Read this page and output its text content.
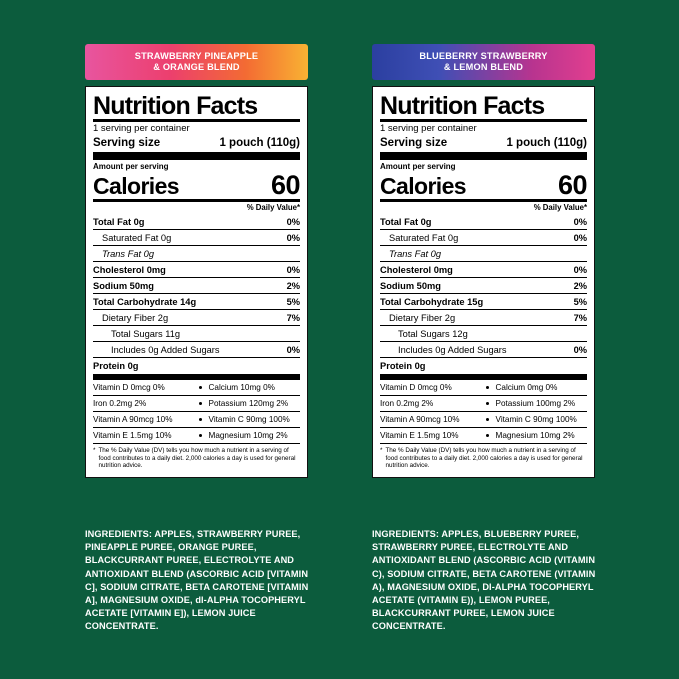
STRAWBERRY PINEAPPLE
& ORANGE BLEND
Nutrition Facts
1 serving per container
Serving size	1 pouch (110g)
Amount per serving
Calories	60
% Daily Value*
Total Fat 0g	0%
Saturated Fat 0g	0%
Trans Fat 0g
Cholesterol 0mg	0%
Sodium 50mg	2%
Total Carbohydrate 14g	5%
Dietary Fiber 2g	7%
Total Sugars 11g
Includes 0g Added Sugars	0%
Protein 0g
Vitamin D 0mcg 0%	Calcium 10mg 0%
Iron 0.2mg 2%	Potassium 120mg 2%
Vitamin A 90mcg 10%	Vitamin C 90mg 100%
Vitamin E 1.5mg 10%	Magnesium 10mg 2%
* The % Daily Value (DV) tells you how much a nutrient in a serving of food contributes to a daily diet. 2,000 calories a day is used for general nutrition advice.
INGREDIENTS: APPLES, STRAWBERRY PUREE, PINEAPPLE PUREE, ORANGE PUREE, BLACKCURRANT PUREE, ELECTROLYTE AND ANTIOXIDANT BLEND (ASCORBIC ACID [VITAMIN C], SODIUM CITRATE, BETA CAROTENE [VITAMIN A], MAGNESIUM OXIDE, dl-ALPHA TOCOPHERYL ACETATE [VITAMIN E]), LEMON JUICE CONCENTRATE.
BLUEBERRY STRAWBERRY
& LEMON BLEND
Nutrition Facts
1 serving per container
Serving size	1 pouch (110g)
Amount per serving
Calories	60
% Daily Value*
Total Fat 0g	0%
Saturated Fat 0g	0%
Trans Fat 0g
Cholesterol 0mg	0%
Sodium 50mg	2%
Total Carbohydrate 15g	5%
Dietary Fiber 2g	7%
Total Sugars 12g
Includes 0g Added Sugars	0%
Protein 0g
Vitamin D 0mcg 0%	Calcium 0mg 0%
Iron 0.2mg 2%	Potassium 100mg 2%
Vitamin A 90mcg 10%	Vitamin C 90mg 100%
Vitamin E 1.5mg 10%	Magnesium 10mg 2%
* The % Daily Value (DV) tells you how much a nutrient in a serving of food contributes to a daily diet. 2,000 calories a day is used for general nutrition advice.
INGREDIENTS: APPLES, BLUEBERRY PUREE, STRAWBERRY PUREE, ELECTROLYTE AND ANTIOXIDANT BLEND (ASCORBIC ACID (VITAMIN C), SODIUM CITRATE, BETA CAROTENE (VITAMIN A), MAGNESIUM OXIDE, DI-ALPHA TOCOPHERYL ACETATE (VITAMIN E)), LEMON PUREE, BLACKCURRANT PUREE, LEMON JUICE CONCENTRATE.
